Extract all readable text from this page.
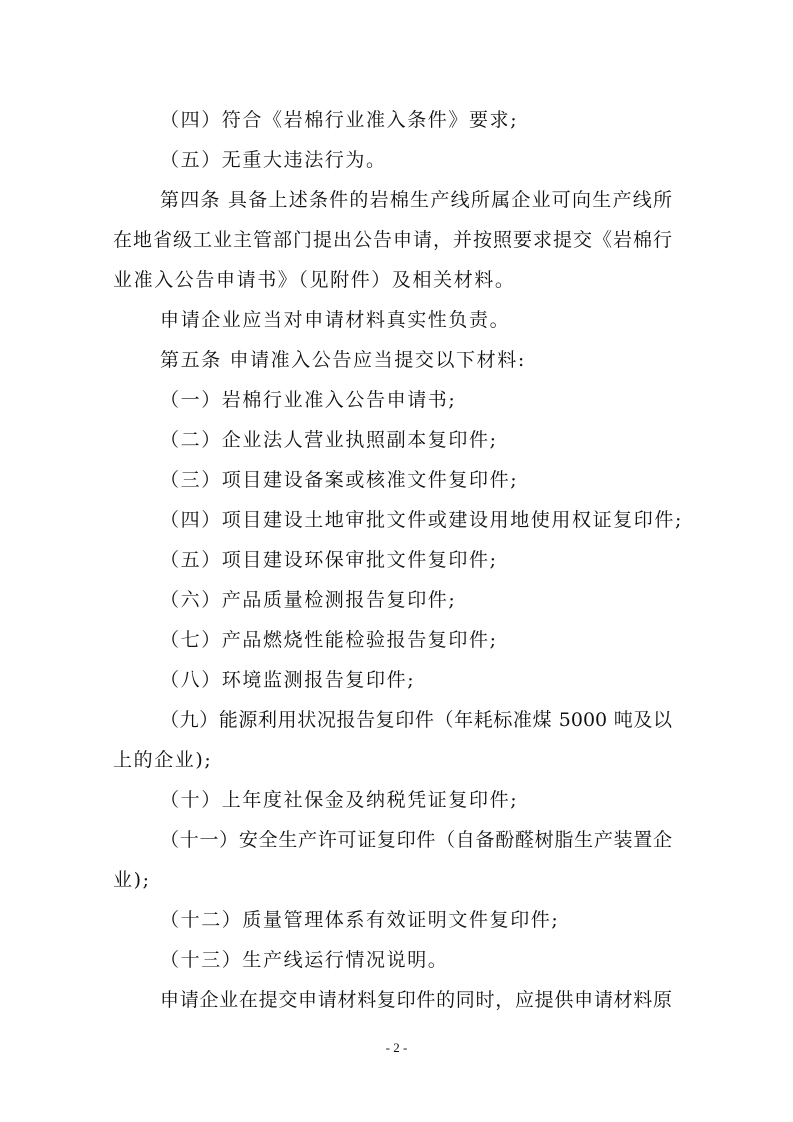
（四）符合《岩棉行业准入条件》要求;
（五）无重大违法行为。
第四条 具备上述条件的岩棉生产线所属企业可向生产线所
在地省级工业主管部门提出公告申请，并按照要求提交《岩棉行
业准入公告申请书》（见附件）及相关材料。
申请企业应当对申请材料真实性负责。
第五条 申请准入公告应当提交以下材料:
（一）岩棉行业准入公告申请书;
（二）企业法人营业执照副本复印件;
（三）项目建设备案或核准文件复印件;
（四）项目建设土地审批文件或建设用地使用权证复印件;
（五）项目建设环保审批文件复印件;
（六）产品质量检测报告复印件;
（七）产品燃烧性能检验报告复印件;
（八）环境监测报告复印件;
（九）能源利用状况报告复印件（年耗标准煤 5000 吨及以
上的企业);
（十）上年度社保金及纳税凭证复印件;
（十一）安全生产许可证复印件（自备酚醛树脂生产装置企
业);
（十二）质量管理体系有效证明文件复印件;
（十三）生产线运行情况说明。
申请企业在提交申请材料复印件的同时，应提供申请材料原
- 2 -
